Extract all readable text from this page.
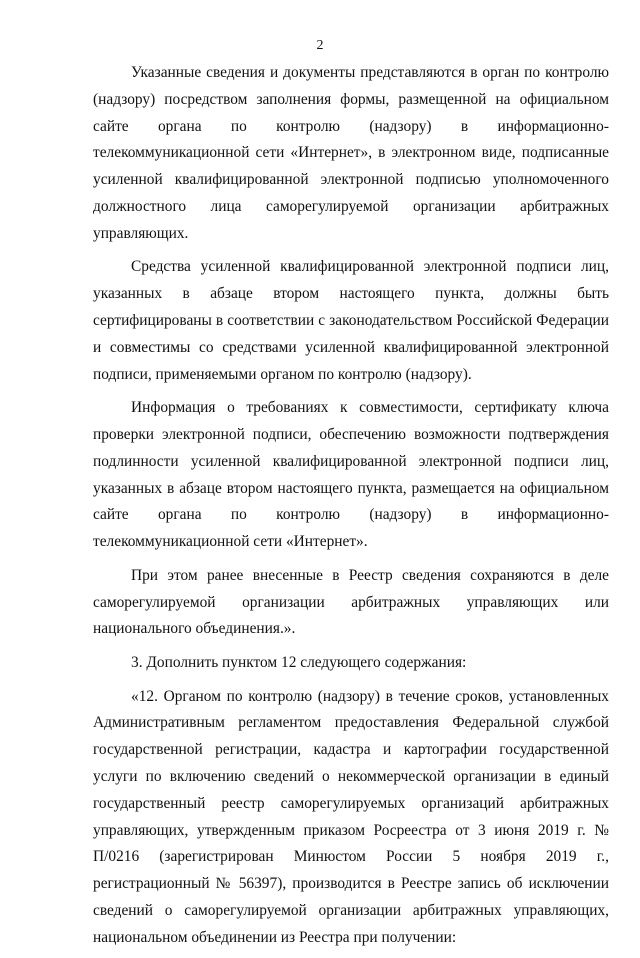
2

Указанные сведения и документы представляются в орган по контролю (надзору) посредством заполнения формы, размещенной на официальном сайте органа по контролю (надзору) в информационно-телекоммуникационной сети «Интернет», в электронном виде, подписанные усиленной квалифицированной электронной подписью уполномоченного должностного лица саморегулируемой организации арбитражных управляющих.

Средства усиленной квалифицированной электронной подписи лиц, указанных в абзаце втором настоящего пункта, должны быть сертифицированы в соответствии с законодательством Российской Федерации и совместимы со средствами усиленной квалифицированной электронной подписи, применяемыми органом по контролю (надзору).

Информация о требованиях к совместимости, сертификату ключа проверки электронной подписи, обеспечению возможности подтверждения подлинности усиленной квалифицированной электронной подписи лиц, указанных в абзаце втором настоящего пункта, размещается на официальном сайте органа по контролю (надзору) в информационно-телекоммуникационной сети «Интернет».

При этом ранее внесенные в Реестр сведения сохраняются в деле саморегулируемой организации арбитражных управляющих или национального объединения.».

3. Дополнить пунктом 12 следующего содержания:

«12. Органом по контролю (надзору) в течение сроков, установленных Административным регламентом предоставления Федеральной службой государственной регистрации, кадастра и картографии государственной услуги по включению сведений о некоммерческой организации в единый государственный реестр саморегулируемых организаций арбитражных управляющих, утвержденным приказом Росреестра от 3 июня 2019 г. № П/0216 (зарегистрирован Минюстом России 5 ноября 2019 г., регистрационный № 56397), производится в Реестре запись об исключении сведений о саморегулируемой организации арбитражных управляющих, национальном объединении из Реестра при получении:
